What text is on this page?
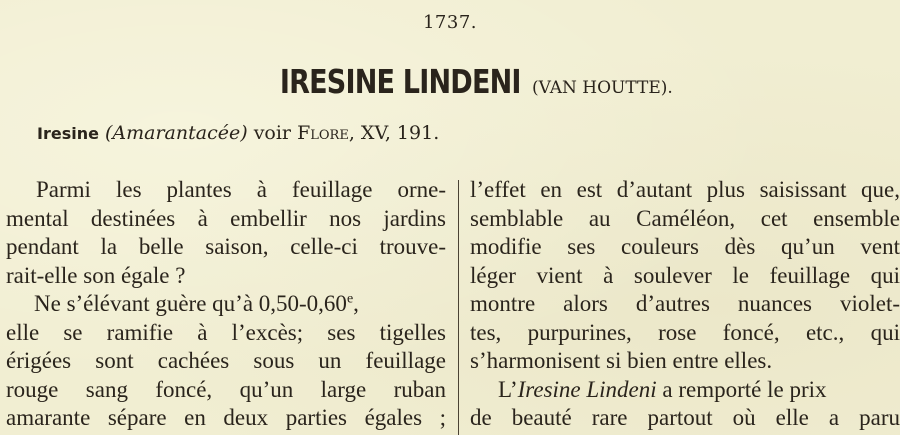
1737.
IRESINE LINDENI (VAN HOUTTE).
Iresine (Amarantacée) voir Flore, XV, 191.
Parmi les plantes à feuillage orne-
mental destinées à embellir nos jardins
pendant la belle saison, celle-ci trouve-
rait-elle son égale ?
Ne s’élévant guère qu’à 0,50-0,60e,
elle se ramifie à l’excès; ses tigelles
érigées sont cachées sous un feuillage
rouge sang foncé, qu’un large ruban
amarante sépare en deux parties égales ;
l’effet en est d’autant plus saisissant que,
semblable au Caméléon, cet ensemble
modifie ses couleurs dès qu’un vent
léger vient à soulever le feuillage qui
montre alors d’autres nuances violet-
tes, purpurines, rose foncé, etc., qui
s’harmonisent si bien entre elles.
L’Iresine Lindeni a remporté le prix
de beauté rare partout où elle a paru
